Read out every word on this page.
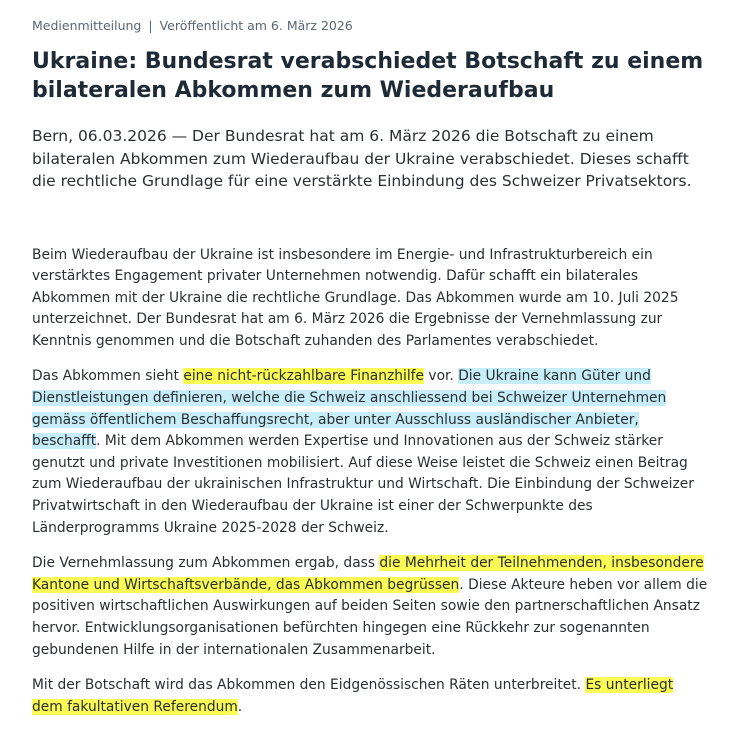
Medienmitteilung | Veröffentlicht am 6. März 2026
Ukraine: Bundesrat verabschiedet Botschaft zu einem bilateralen Abkommen zum Wiederaufbau

Bern, 06.03.2026 — Der Bundesrat hat am 6. März 2026 die Botschaft zu einem bilateralen Abkommen zum Wiederaufbau der Ukraine verabschiedet. Dieses schafft die rechtliche Grundlage für eine verstärkte Einbindung des Schweizer Privatsektors.

Beim Wiederaufbau der Ukraine ist insbesondere im Energie- und Infrastrukturbereich ein verstärktes Engagement privater Unternehmen notwendig. Dafür schafft ein bilaterales Abkommen mit der Ukraine die rechtliche Grundlage. Das Abkommen wurde am 10. Juli 2025 unterzeichnet. Der Bundesrat hat am 6. März 2026 die Ergebnisse der Vernehmlassung zur Kenntnis genommen und die Botschaft zuhanden des Parlamentes verabschiedet.

Das Abkommen sieht eine nicht-rückzahlbare Finanzhilfe vor. Die Ukraine kann Güter und Dienstleistungen definieren, welche die Schweiz anschliessend bei Schweizer Unternehmen gemäss öffentlichem Beschaffungsrecht, aber unter Ausschluss ausländischer Anbieter, beschafft. Mit dem Abkommen werden Expertise und Innovationen aus der Schweiz stärker genutzt und private Investitionen mobilisiert. Auf diese Weise leistet die Schweiz einen Beitrag zum Wiederaufbau der ukrainischen Infrastruktur und Wirtschaft. Die Einbindung der Schweizer Privatwirtschaft in den Wiederaufbau der Ukraine ist einer der Schwerpunkte des Länderprogramms Ukraine 2025-2028 der Schweiz.

Die Vernehmlassung zum Abkommen ergab, dass die Mehrheit der Teilnehmenden, insbesondere Kantone und Wirtschaftsverbände, das Abkommen begrüssen. Diese Akteure heben vor allem die positiven wirtschaftlichen Auswirkungen auf beiden Seiten sowie den partnerschaftlichen Ansatz hervor. Entwicklungsorganisationen befürchten hingegen eine Rückkehr zur sogenannten gebundenen Hilfe in der internationalen Zusammenarbeit.

Mit der Botschaft wird das Abkommen den Eidgenössischen Räten unterbreitet. Es unterliegt dem fakultativen Referendum.
